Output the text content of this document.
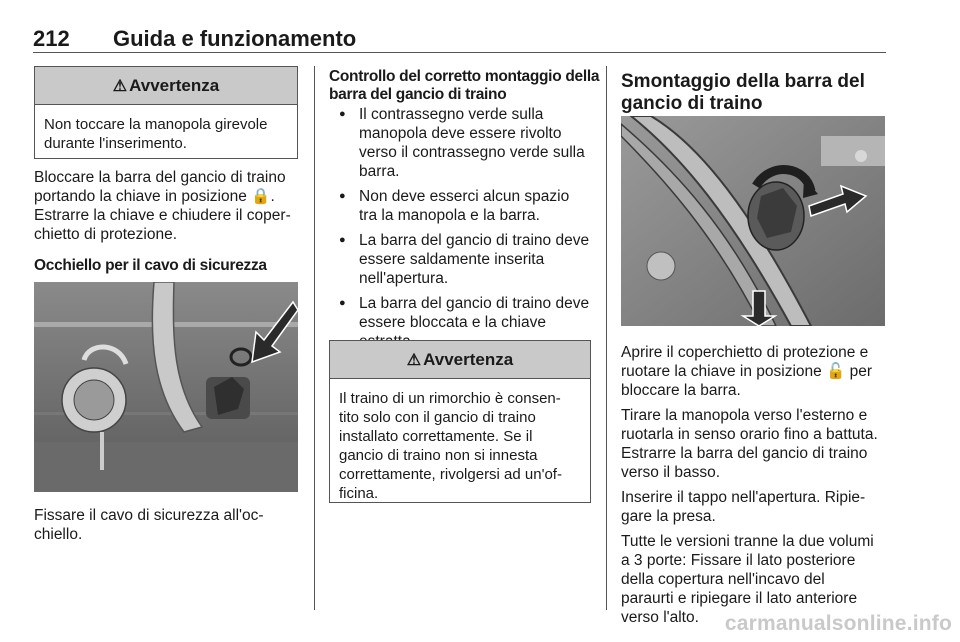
212 Guida e funzionamento
⚠ Avvertenza
Non toccare la manopola girevole
durante l'inserimento.
Bloccare la barra del gancio di traino
portando la chiave in posizione 🔒.
Estrarre la chiave e chiudere il coper-
chietto di protezione.
Occhiello per il cavo di sicurezza
Fissare il cavo di sicurezza all'oc-
chiello.
Controllo del corretto montaggio della
barra del gancio di traino
● Il contrassegno verde sulla
manopola deve essere rivolto
verso il contrassegno verde sulla
barra.
● Non deve esserci alcun spazio
tra la manopola e la barra.
● La barra del gancio di traino deve
essere saldamente inserita
nell'apertura.
● La barra del gancio di traino deve
essere bloccata e la chiave
⚠ Avvertenza
Il traino di un rimorchio è consen-
tito solo con il gancio di traino
installato correttamente. Se il
gancio di traino non si innesta
correttamente, rivolgersi ad un'of-
ficina.
Smontaggio della barra del
gancio di traino
Aprire il coperchietto di protezione e
ruotare la chiave in posizione 🔓 per
bloccare la barra.
Tirare la manopola verso l'esterno e
ruotarla in senso orario fino a battuta.
Estrarre la barra del gancio di traino
verso il basso.
Inserire il tappo nell'apertura. Ripie-
gare la presa.
Tutte le versioni tranne la due volumi
a 3 porte: Fissare il lato posteriore
della copertura nell'incavo del
paraurti e ripiegare il lato anteriore
verso l'alto.	carmanualsonline.info
